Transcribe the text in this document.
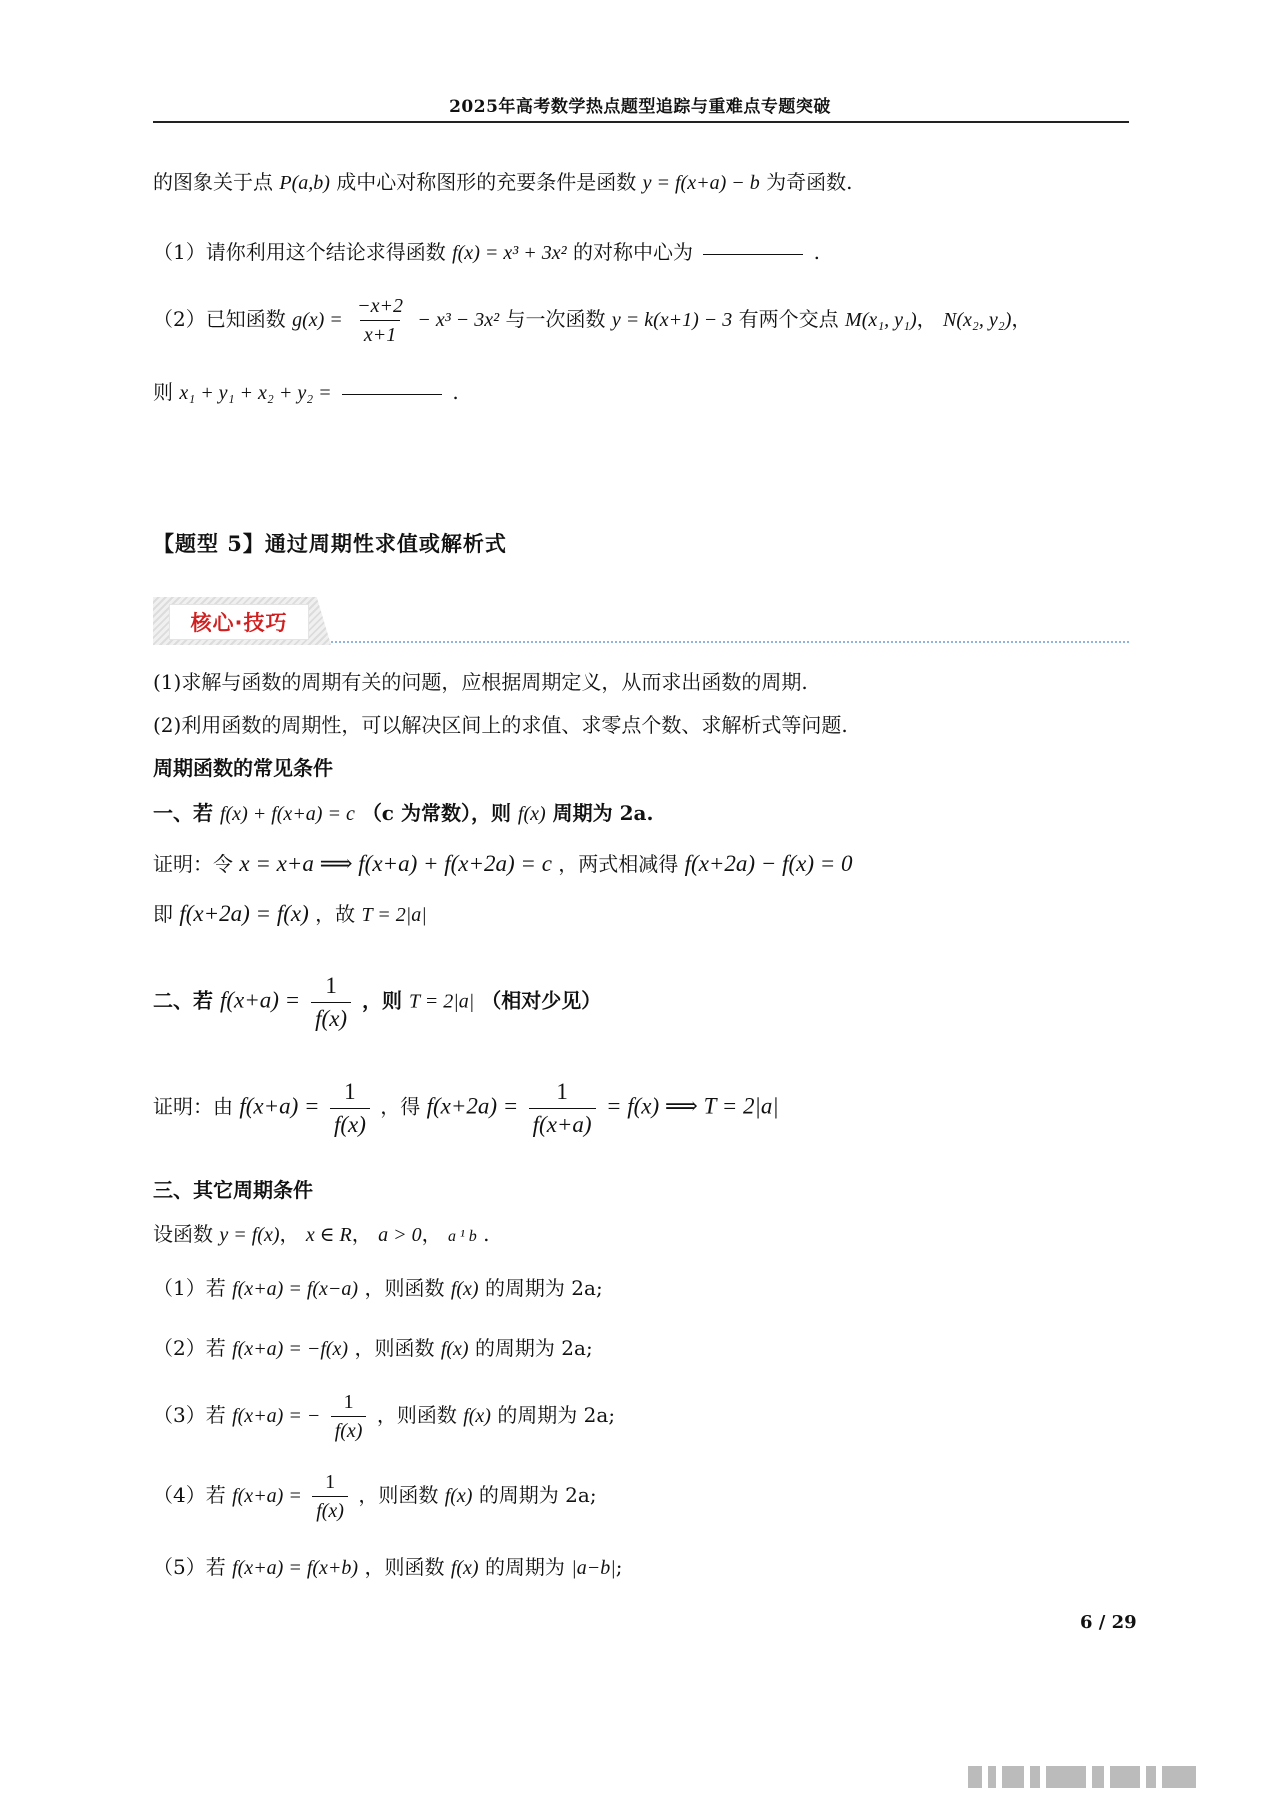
2025年高考数学热点题型追踪与重难点专题突破
的图象关于点 P(a,b) 成中心对称图形的充要条件是函数 y = f(x+a) − b 为奇函数.
（1）请你利用这个结论求得函数 f(x) = x³ + 3x² 的对称中心为	.
（2）已知函数 $g(x) = \frac{-x+2}{x+1} - x^3 - 3x^2$ 与一次函数 y = k(x+1) − 3 有两个交点 M(x₁, y₁)， N(x₂, y₂)，
则 x₁ + y₁ + x₂ + y₂ =	.
【题型 5】通过周期性求值或解析式
核心·技巧
(1)求解与函数的周期有关的问题，应根据周期定义，从而求出函数的周期.
(2)利用函数的周期性，可以解决区间上的求值、求零点个数、求解析式等问题.
周期函数的常见条件
一、若 f(x) + f(x+a) = c （c 为常数），则 f(x) 周期为 2a.
证明：令 x = x+a ⟹ f(x+a) + f(x+2a) = c ，两式相减得 f(x+2a) − f(x) = 0
即 f(x+2a) = f(x) ，故 T = 2|a|
二、若 $f(x+a) = \frac{1}{f(x)}$ ，则 T = 2|a| （相对少见）
证明：由 $f(x+a) = \frac{1}{f(x)}$ ，得 $f(x+2a) = \frac{1}{f(x+a)} = f(x)$ ⟹ T = 2|a|
三、其它周期条件
设函数 y = f(x)， x ∈ R， a > 0， a ¹ b .
（1）若 f(x+a) = f(x−a) ，则函数 f(x) 的周期为 2a;
（2）若 f(x+a) = −f(x) ，则函数 f(x) 的周期为 2a;
（3）若 f(x+a) = − $\frac{1}{f(x)}$ ，则函数 f(x) 的周期为 2a;
（4）若 $f(x+a) = \frac{1}{f(x)}$ ，则函数 f(x) 的周期为 2a;
（5）若 f(x+a) = f(x+b) ，则函数 f(x) 的周期为 |a−b|;
6 / 29
